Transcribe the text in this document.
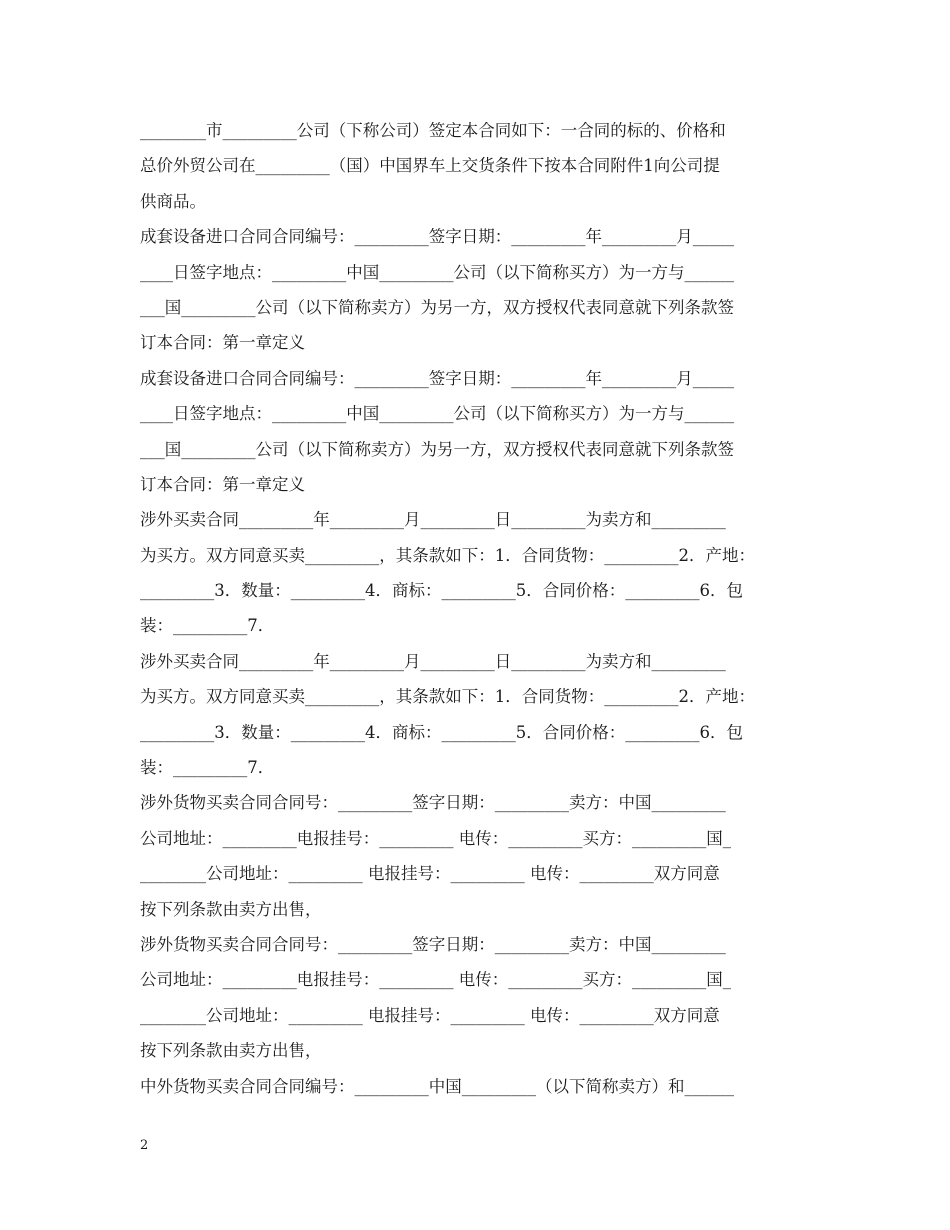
________市_________公司（下称公司）签定本合同如下：一合同的标的、价格和
总价外贸公司在_________（国）中国界车上交货条件下按本合同附件1向公司提
供商品。
成套设备进口合同合同编号：_________签字日期：_________年_________月_____
____日签字地点：_________中国_________公司（以下简称买方）为一方与______
___国_________公司（以下简称卖方）为另一方，双方授权代表同意就下列条款签
订本合同：第一章定义
成套设备进口合同合同编号：_________签字日期：_________年_________月_____
____日签字地点：_________中国_________公司（以下简称买方）为一方与______
___国_________公司（以下简称卖方）为另一方，双方授权代表同意就下列条款签
订本合同：第一章定义
涉外买卖合同_________年_________月_________日_________为卖方和_________
为买方。双方同意买卖_________，其条款如下：1．合同货物：_________2．产地：
_________3．数量：_________4．商标：_________5．合同价格：_________6．包
装：_________7．
涉外买卖合同_________年_________月_________日_________为卖方和_________
为买方。双方同意买卖_________，其条款如下：1．合同货物：_________2．产地：
_________3．数量：_________4．商标：_________5．合同价格：_________6．包
装：_________7．
涉外货物买卖合同合同号：_________签字日期：_________卖方：中国_________
公司地址：_________电报挂号：_________ 电传：_________买方：_________国_
________公司地址：_________ 电报挂号：_________ 电传：_________双方同意
按下列条款由卖方出售，
涉外货物买卖合同合同号：_________签字日期：_________卖方：中国_________
公司地址：_________电报挂号：_________ 电传：_________买方：_________国_
________公司地址：_________ 电报挂号：_________ 电传：_________双方同意
按下列条款由卖方出售，
中外货物买卖合同合同编号：_________中国_________（以下简称卖方）和______
2
